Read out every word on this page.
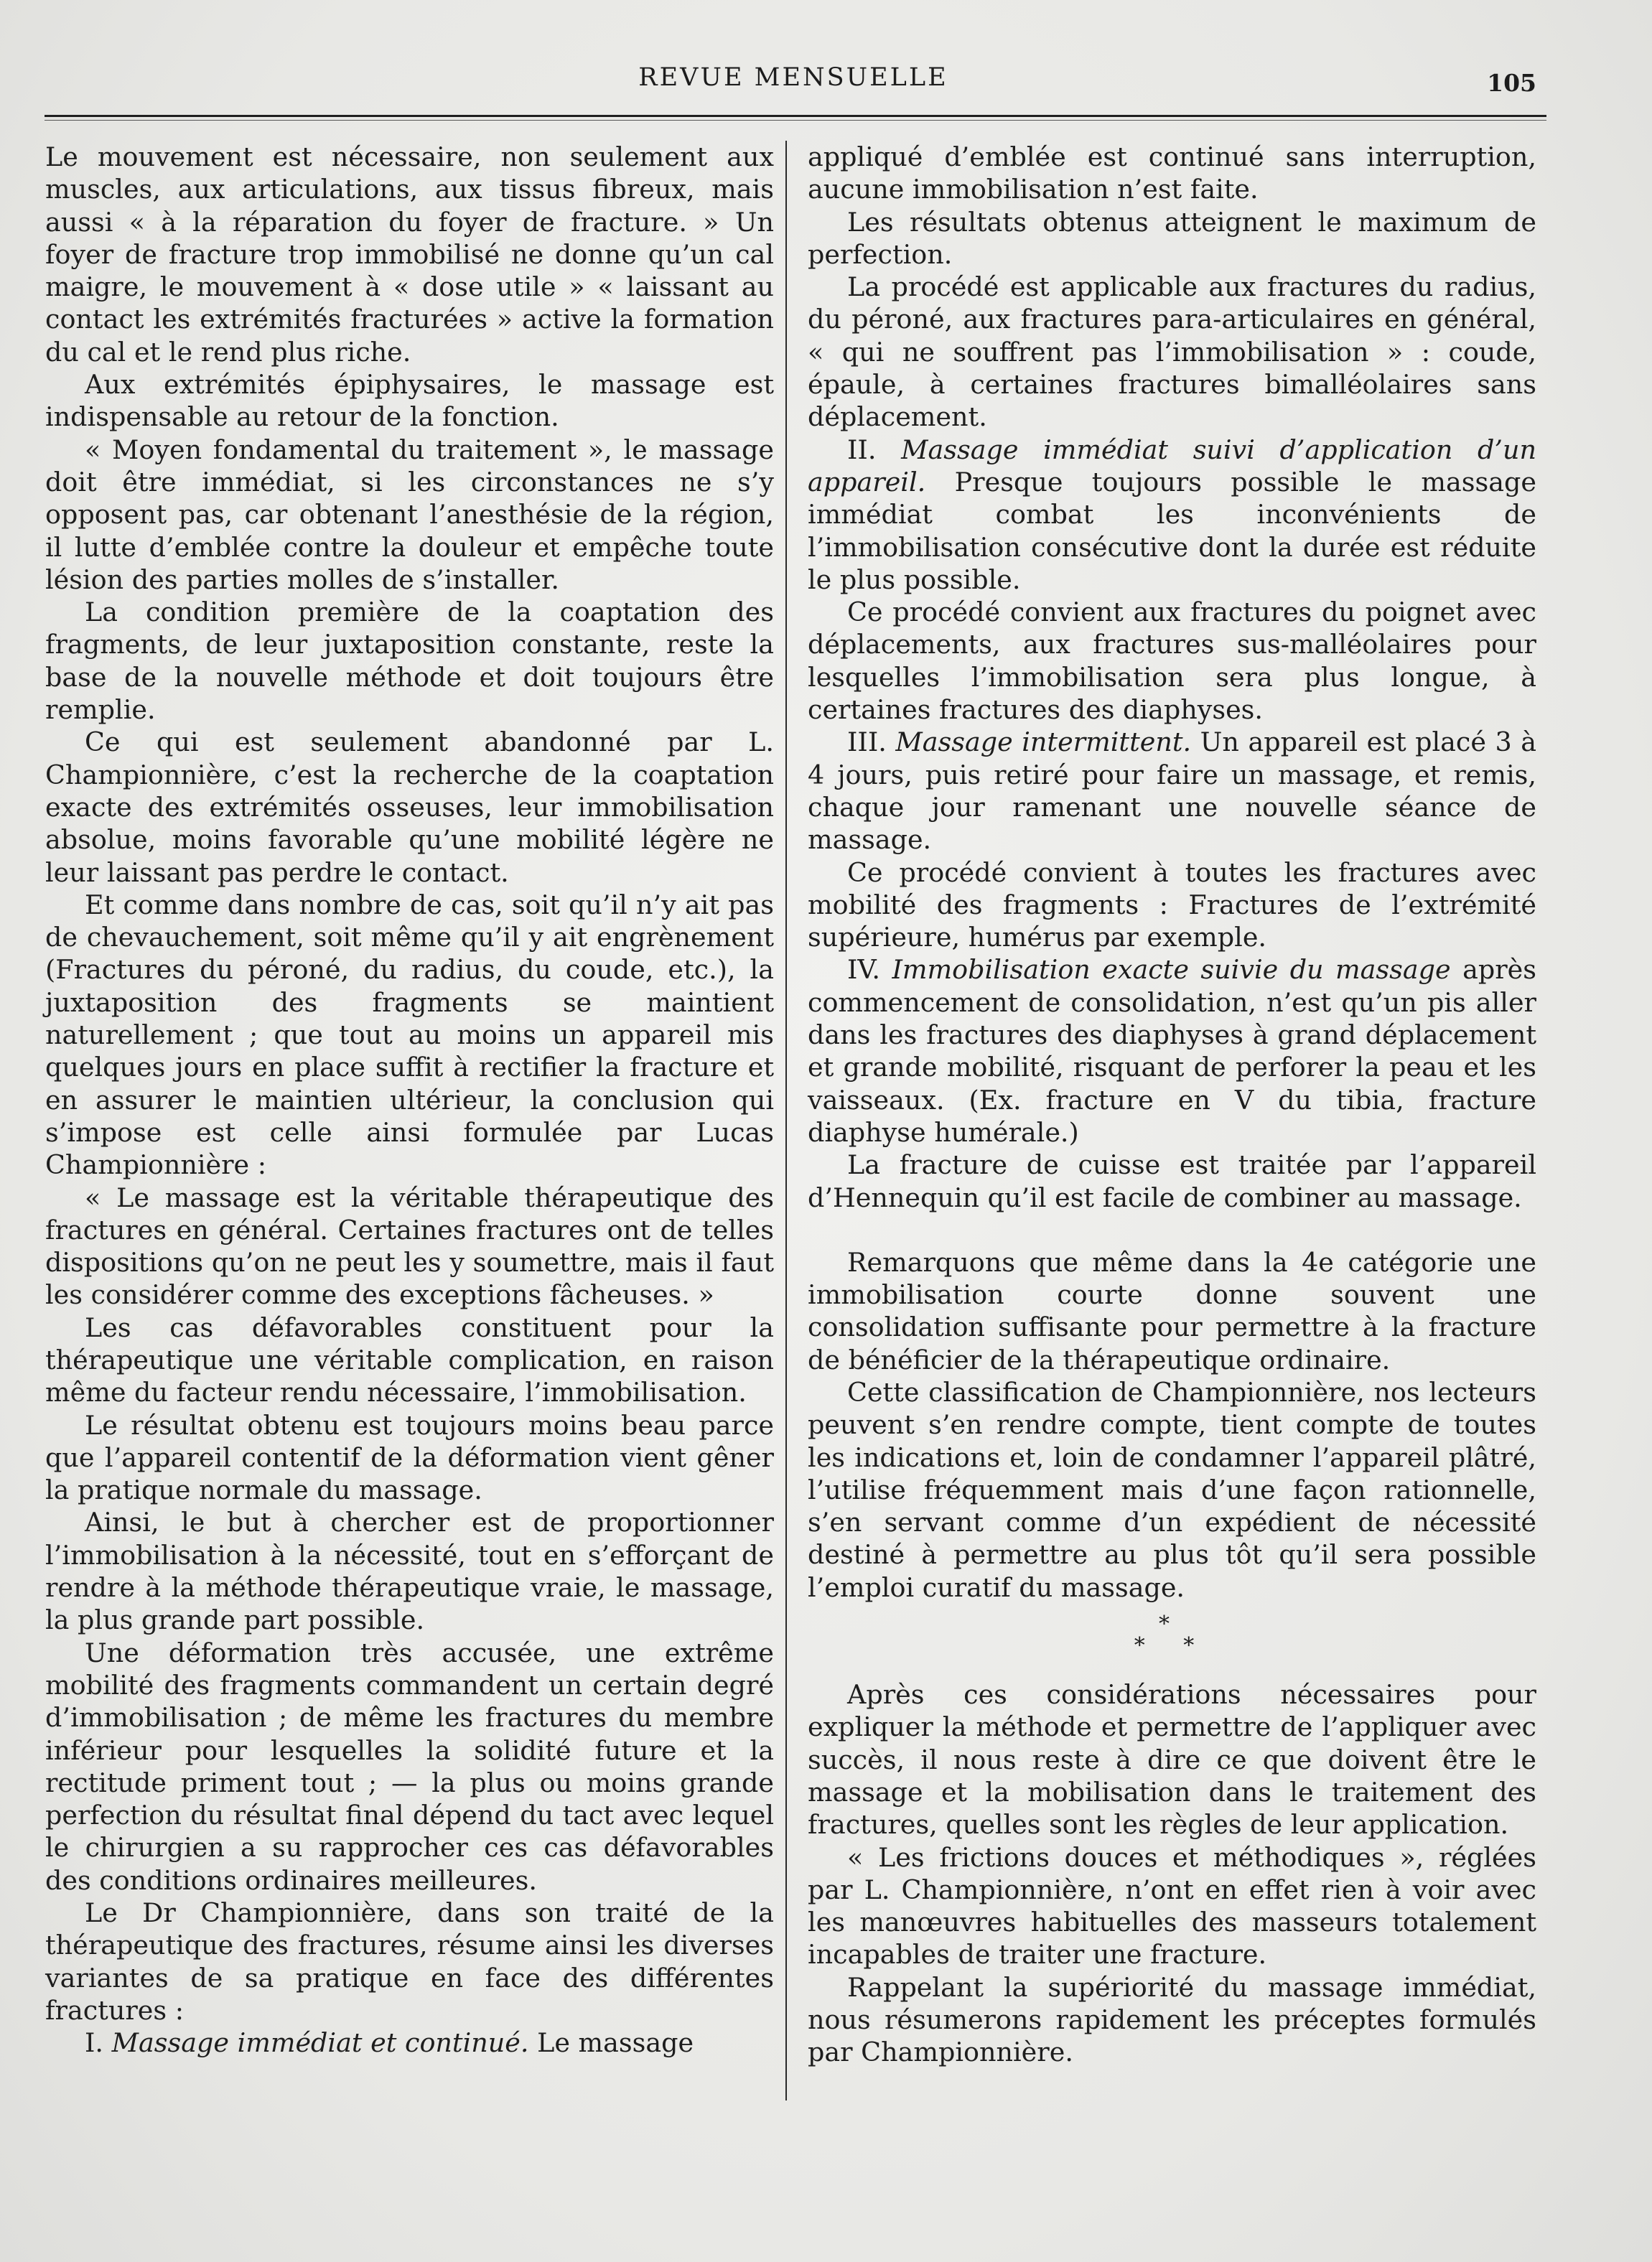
REVUE MENSUELLE	105

Le mouvement est nécessaire, non seulement aux muscles, aux articulations, aux tissus fibreux, mais aussi « à la réparation du foyer de fracture. » Un foyer de fracture trop immobilisé ne donne qu’un cal maigre, le mouvement à « dose utile » « laissant au contact les extrémités fracturées » active la formation du cal et le rend plus riche.

Aux extrémités épiphysaires, le massage est indispensable au retour de la fonction.

« Moyen fondamental du traitement », le massage doit être immédiat, si les circonstances ne s’y opposent pas, car obtenant l’anesthésie de la région, il lutte d’emblée contre la douleur et empêche toute lésion des parties molles de s’installer.

La condition première de la coaptation des fragments, de leur juxtaposition constante, reste la base de la nouvelle méthode et doit toujours être remplie.

Ce qui est seulement abandonné par L. Championnière, c’est la recherche de la coaptation exacte des extrémités osseuses, leur immobilisation absolue, moins favorable qu’une mobilité légère ne leur laissant pas perdre le contact.

Et comme dans nombre de cas, soit qu’il n’y ait pas de chevauchement, soit même qu’il y ait engrènement (Fractures du péroné, du radius, du coude, etc.), la juxtaposition des fragments se maintient naturellement ; que tout au moins un appareil mis quelques jours en place suffit à rectifier la fracture et en assurer le maintien ultérieur, la conclusion qui s’impose est celle ainsi formulée par Lucas Championnière :

« Le massage est la véritable thérapeutique des fractures en général. Certaines fractures ont de telles dispositions qu’on ne peut les y soumettre, mais il faut les considérer comme des exceptions fâcheuses. »

Les cas défavorables constituent pour la thérapeutique une véritable complication, en raison même du facteur rendu nécessaire, l’immobilisation.

Le résultat obtenu est toujours moins beau parce que l’appareil contentif de la déformation vient gêner la pratique normale du massage.

Ainsi, le but à chercher est de proportionner l’immobilisation à la nécessité, tout en s’efforçant de rendre à la méthode thérapeutique vraie, le massage, la plus grande part possible.

Une déformation très accusée, une extrême mobilité des fragments commandent un certain degré d’immobilisation ; de même les fractures du membre inférieur pour lesquelles la solidité future et la rectitude priment tout ; — la plus ou moins grande perfection du résultat final dépend du tact avec lequel le chirurgien a su rapprocher ces cas défavorables des conditions ordinaires meilleures.

Le Dr Championnière, dans son traité de la thérapeutique des fractures, résume ainsi les diverses variantes de sa pratique en face des différentes fractures :

I. Massage immédiat et continué. Le massage

appliqué d’emblée est continué sans interruption, aucune immobilisation n’est faite.

Les résultats obtenus atteignent le maximum de perfection.

La procédé est applicable aux fractures du radius, du péroné, aux fractures para-articulaires en général, « qui ne souffrent pas l’immobilisation » : coude, épaule, à certaines fractures bimalléolaires sans déplacement.

II. Massage immédiat suivi d’application d’un appareil. Presque toujours possible le massage immédiat combat les inconvénients de l’immobilisation consécutive dont la durée est réduite le plus possible.

Ce procédé convient aux fractures du poignet avec déplacements, aux fractures sus-malléolaires pour lesquelles l’immobilisation sera plus longue, à certaines fractures des diaphyses.

III. Massage intermittent. Un appareil est placé 3 à 4 jours, puis retiré pour faire un massage, et remis, chaque jour ramenant une nouvelle séance de massage.

Ce procédé convient à toutes les fractures avec mobilité des fragments : Fractures de l’extrémité supérieure, humérus par exemple.

IV. Immobilisation exacte suivie du massage après commencement de consolidation, n’est qu’un pis aller dans les fractures des diaphyses à grand déplacement et grande mobilité, risquant de perforer la peau et les vaisseaux. (Ex. fracture en V du tibia, fracture diaphyse humérale.)

La fracture de cuisse est traitée par l’appareil d’Hennequin qu’il est facile de combiner au massage.

Remarquons que même dans la 4e catégorie une immobilisation courte donne souvent une consolidation suffisante pour permettre à la fracture de bénéficier de la thérapeutique ordinaire.

Cette classification de Championnière, nos lecteurs peuvent s’en rendre compte, tient compte de toutes les indications et, loin de condamner l’appareil plâtré, l’utilise fréquemment mais d’une façon rationnelle, s’en servant comme d’un expédient de nécessité destiné à permettre au plus tôt qu’il sera possible l’emploi curatif du massage.

*
* *

Après ces considérations nécessaires pour expliquer la méthode et permettre de l’appliquer avec succès, il nous reste à dire ce que doivent être le massage et la mobilisation dans le traitement des fractures, quelles sont les règles de leur application.

« Les frictions douces et méthodiques », réglées par L. Championnière, n’ont en effet rien à voir avec les manœuvres habituelles des masseurs totalement incapables de traiter une fracture.

Rappelant la supériorité du massage immédiat, nous résumerons rapidement les préceptes formulés par Championnière.
